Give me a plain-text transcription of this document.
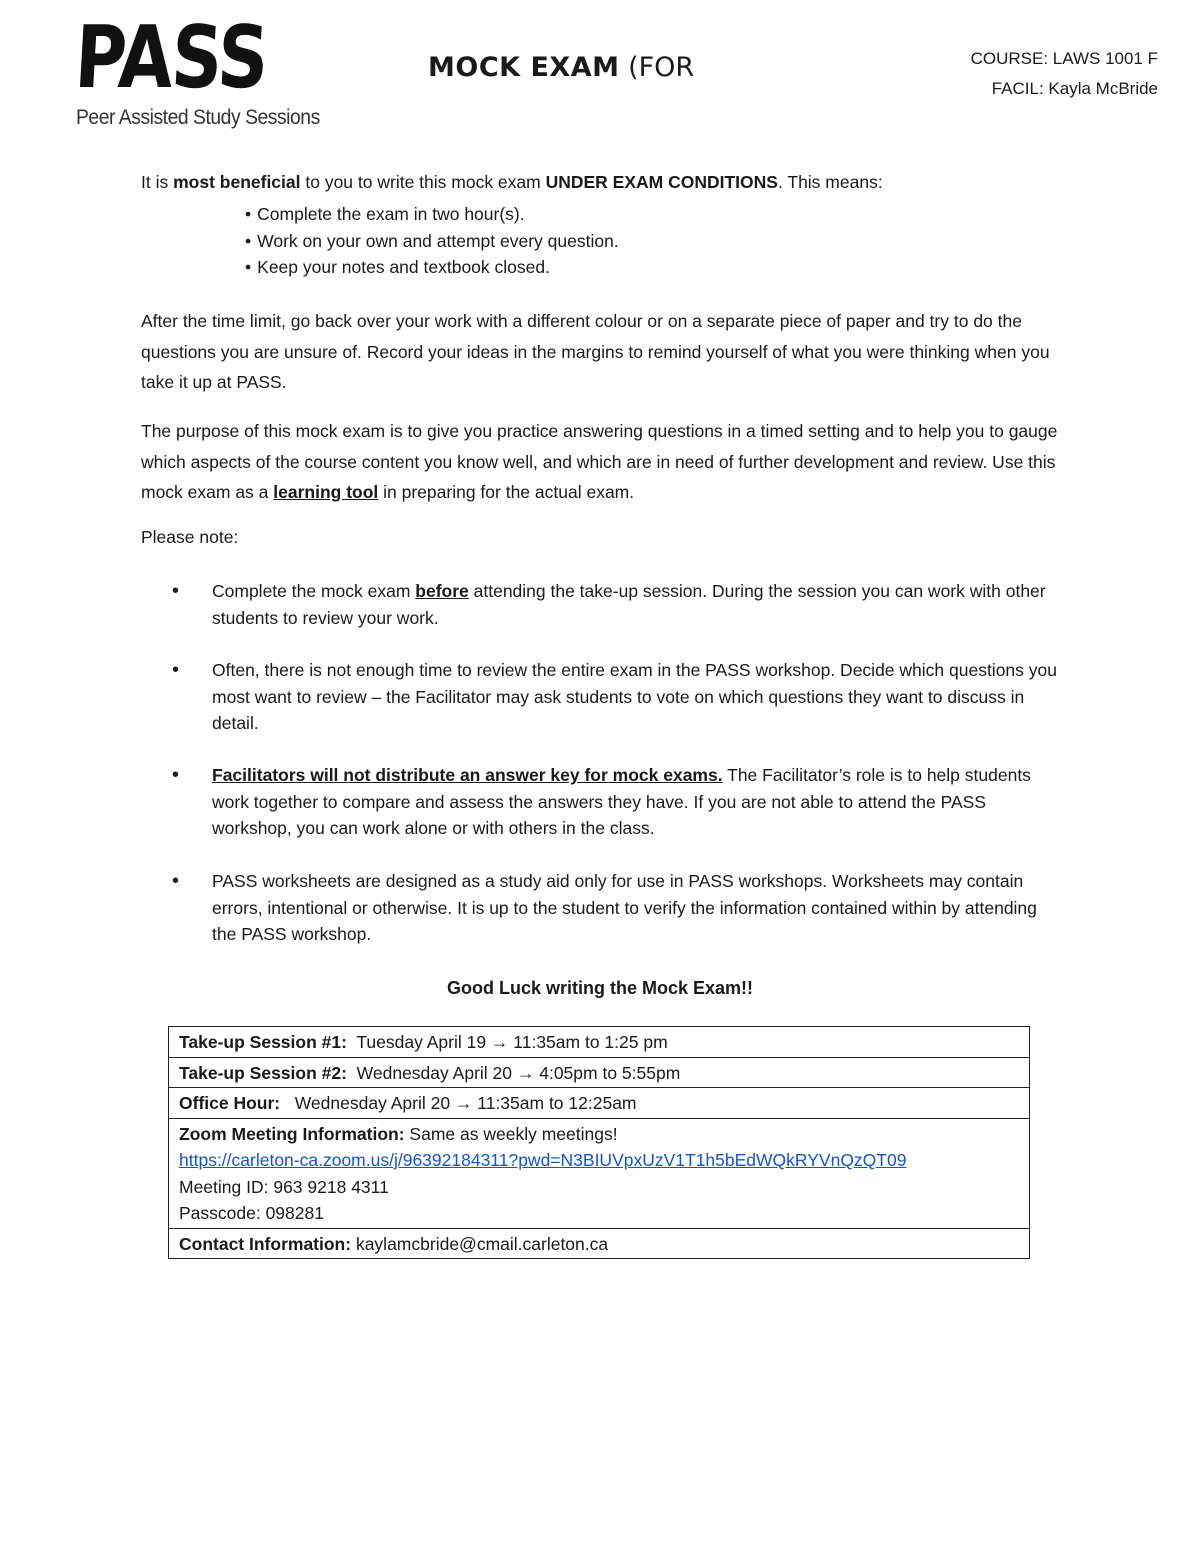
PASS
Peer Assisted Study Sessions
MOCK EXAM (FOR	COURSE: LAWS 1001 F
FACIL: Kayla McBride
It is most beneficial to you to write this mock exam UNDER EXAM CONDITIONS. This means:
• Complete the exam in two hour(s).
• Work on your own and attempt every question.
• Keep your notes and textbook closed.
After the time limit, go back over your work with a different colour or on a separate piece of paper and try to do the questions you are unsure of. Record your ideas in the margins to remind yourself of what you were thinking when you take it up at PASS.
The purpose of this mock exam is to give you practice answering questions in a timed setting and to help you to gauge which aspects of the course content you know well, and which are in need of further development and review. Use this mock exam as a learning tool in preparing for the actual exam.
Please note:
• Complete the mock exam before attending the take-up session. During the session you can work with other students to review your work.
• Often, there is not enough time to review the entire exam in the PASS workshop. Decide which questions you most want to review – the Facilitator may ask students to vote on which questions they want to discuss in detail.
• Facilitators will not distribute an answer key for mock exams. The Facilitator’s role is to help students work together to compare and assess the answers they have. If you are not able to attend the PASS workshop, you can work alone or with others in the class.
• PASS worksheets are designed as a study aid only for use in PASS workshops. Worksheets may contain errors, intentional or otherwise. It is up to the student to verify the information contained within by attending the PASS workshop.
Good Luck writing the Mock Exam!!
Take-up Session #1: Tuesday April 19 → 11:35am to 1:25 pm
Take-up Session #2: Wednesday April 20 → 4:05pm to 5:55pm
Office Hour: Wednesday April 20 → 11:35am to 12:25am
Zoom Meeting Information: Same as weekly meetings!
https://carleton-ca.zoom.us/j/96392184311?pwd=N3BIUVpxUzV1T1h5bEdWQkRYVnQzQT09
Meeting ID: 963 9218 4311
Passcode: 098281
Contact Information: kaylamcbride@cmail.carleton.ca
